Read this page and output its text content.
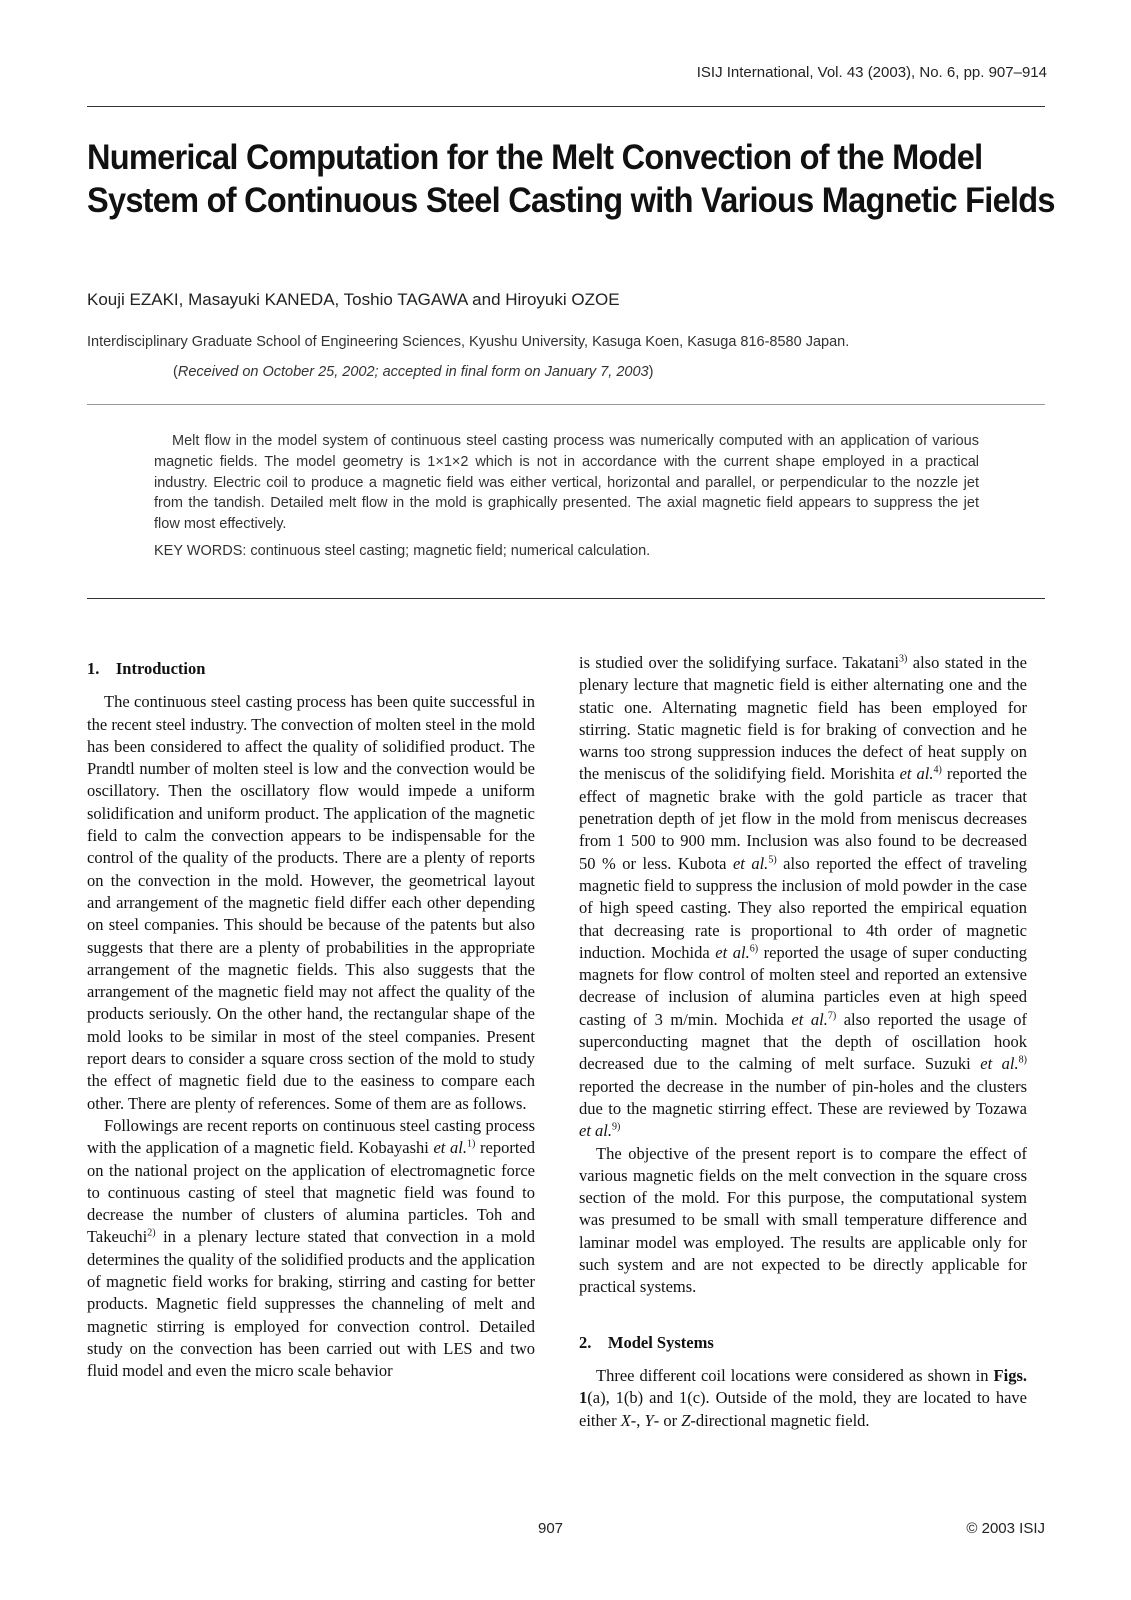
ISIJ International, Vol. 43 (2003), No. 6, pp. 907–914
Numerical Computation for the Melt Convection of the Model
System of Continuous Steel Casting with Various Magnetic Fields
Kouji EZAKI, Masayuki KANEDA, Toshio TAGAWA and Hiroyuki OZOE
Interdisciplinary Graduate School of Engineering Sciences, Kyushu University, Kasuga Koen, Kasuga 816-8580 Japan.
(Received on October 25, 2002; accepted in final form on January 7, 2003)

Melt flow in the model system of continuous steel casting process was numerically computed with an application of various magnetic fields. The model geometry is 1×1×2 which is not in accordance with the current shape employed in a practical industry. Electric coil to produce a magnetic field was either vertical, horizontal and parallel, or perpendicular to the nozzle jet from the tandish. Detailed melt flow in the mold is graphically presented. The axial magnetic field appears to suppress the jet flow most effectively.

KEY WORDS: continuous steel casting; magnetic field; numerical calculation.
1. Introduction

The continuous steel casting process has been quite successful in the recent steel industry. The convection of molten steel in the mold has been considered to affect the quality of solidified product. The Prandtl number of molten steel is low and the convection would be oscillatory. Then the oscillatory flow would impede a uniform solidification and uniform product. The application of the magnetic field to calm the convection appears to be indispensable for the control of the quality of the products. There are a plenty of reports on the convection in the mold. However, the geometrical layout and arrangement of the magnetic field differ each other depending on steel companies. This should be because of the patents but also suggests that there are a plenty of probabilities in the appropriate arrangement of the magnetic fields. This also suggests that the arrangement of the magnetic field may not affect the quality of the products seriously. On the other hand, the rectangular shape of the mold looks to be similar in most of the steel companies. Present report dears to consider a square cross section of the mold to study the effect of magnetic field due to the easiness to compare each other. There are plenty of references. Some of them are as follows.

Followings are recent reports on continuous steel casting process with the application of a magnetic field. Kobayashi et al.$^{1)}$ reported on the national project on the application of electromagnetic force to continuous casting of steel that magnetic field was found to decrease the number of clusters of alumina particles. Toh and Takeuchi$^{2)}$ in a plenary lecture stated that convection in a mold determines the quality of the solidified products and the application of magnetic field works for braking, stirring and casting for better products. Magnetic field suppresses the channeling of melt and magnetic stirring is employed for convection control. Detailed study on the convection has been carried out with LES and two fluid model and even the micro scale behavior

is studied over the solidifying surface. Takatani$^{3)}$ also stated in the plenary lecture that magnetic field is either alternating one and the static one. Alternating magnetic field has been employed for stirring. Static magnetic field is for braking of convection and he warns too strong suppression induces the defect of heat supply on the meniscus of the solidifying field. Morishita et al.$^{4)}$ reported the effect of magnetic brake with the gold particle as tracer that penetration depth of jet flow in the mold from meniscus decreases from 1 500 to 900 mm. Inclusion was also found to be decreased 50 % or less. Kubota et al.$^{5)}$ also reported the effect of traveling magnetic field to suppress the inclusion of mold powder in the case of high speed casting. They also reported the empirical equation that decreasing rate is proportional to 4th order of magnetic induction. Mochida et al.$^{6)}$ reported the usage of super conducting magnets for flow control of molten steel and reported an extensive decrease of inclusion of alumina particles even at high speed casting of 3 m/min. Mochida et al.$^{7)}$ also reported the usage of superconducting magnet that the depth of oscillation hook decreased due to the calming of melt surface. Suzuki et al.$^{8)}$ reported the decrease in the number of pin-holes and the clusters due to the magnetic stirring effect. These are reviewed by Tozawa et al.$^{9)}$

The objective of the present report is to compare the effect of various magnetic fields on the melt convection in the square cross section of the mold. For this purpose, the computational system was presumed to be small with small temperature difference and laminar model was employed. The results are applicable only for such system and are not expected to be directly applicable for practical systems.

2. Model Systems

Three different coil locations were considered as shown in Figs. 1(a), 1(b) and 1(c). Outside of the mold, they are located to have either X-, Y- or Z-directional magnetic field.

907	© 2003 ISIJ
